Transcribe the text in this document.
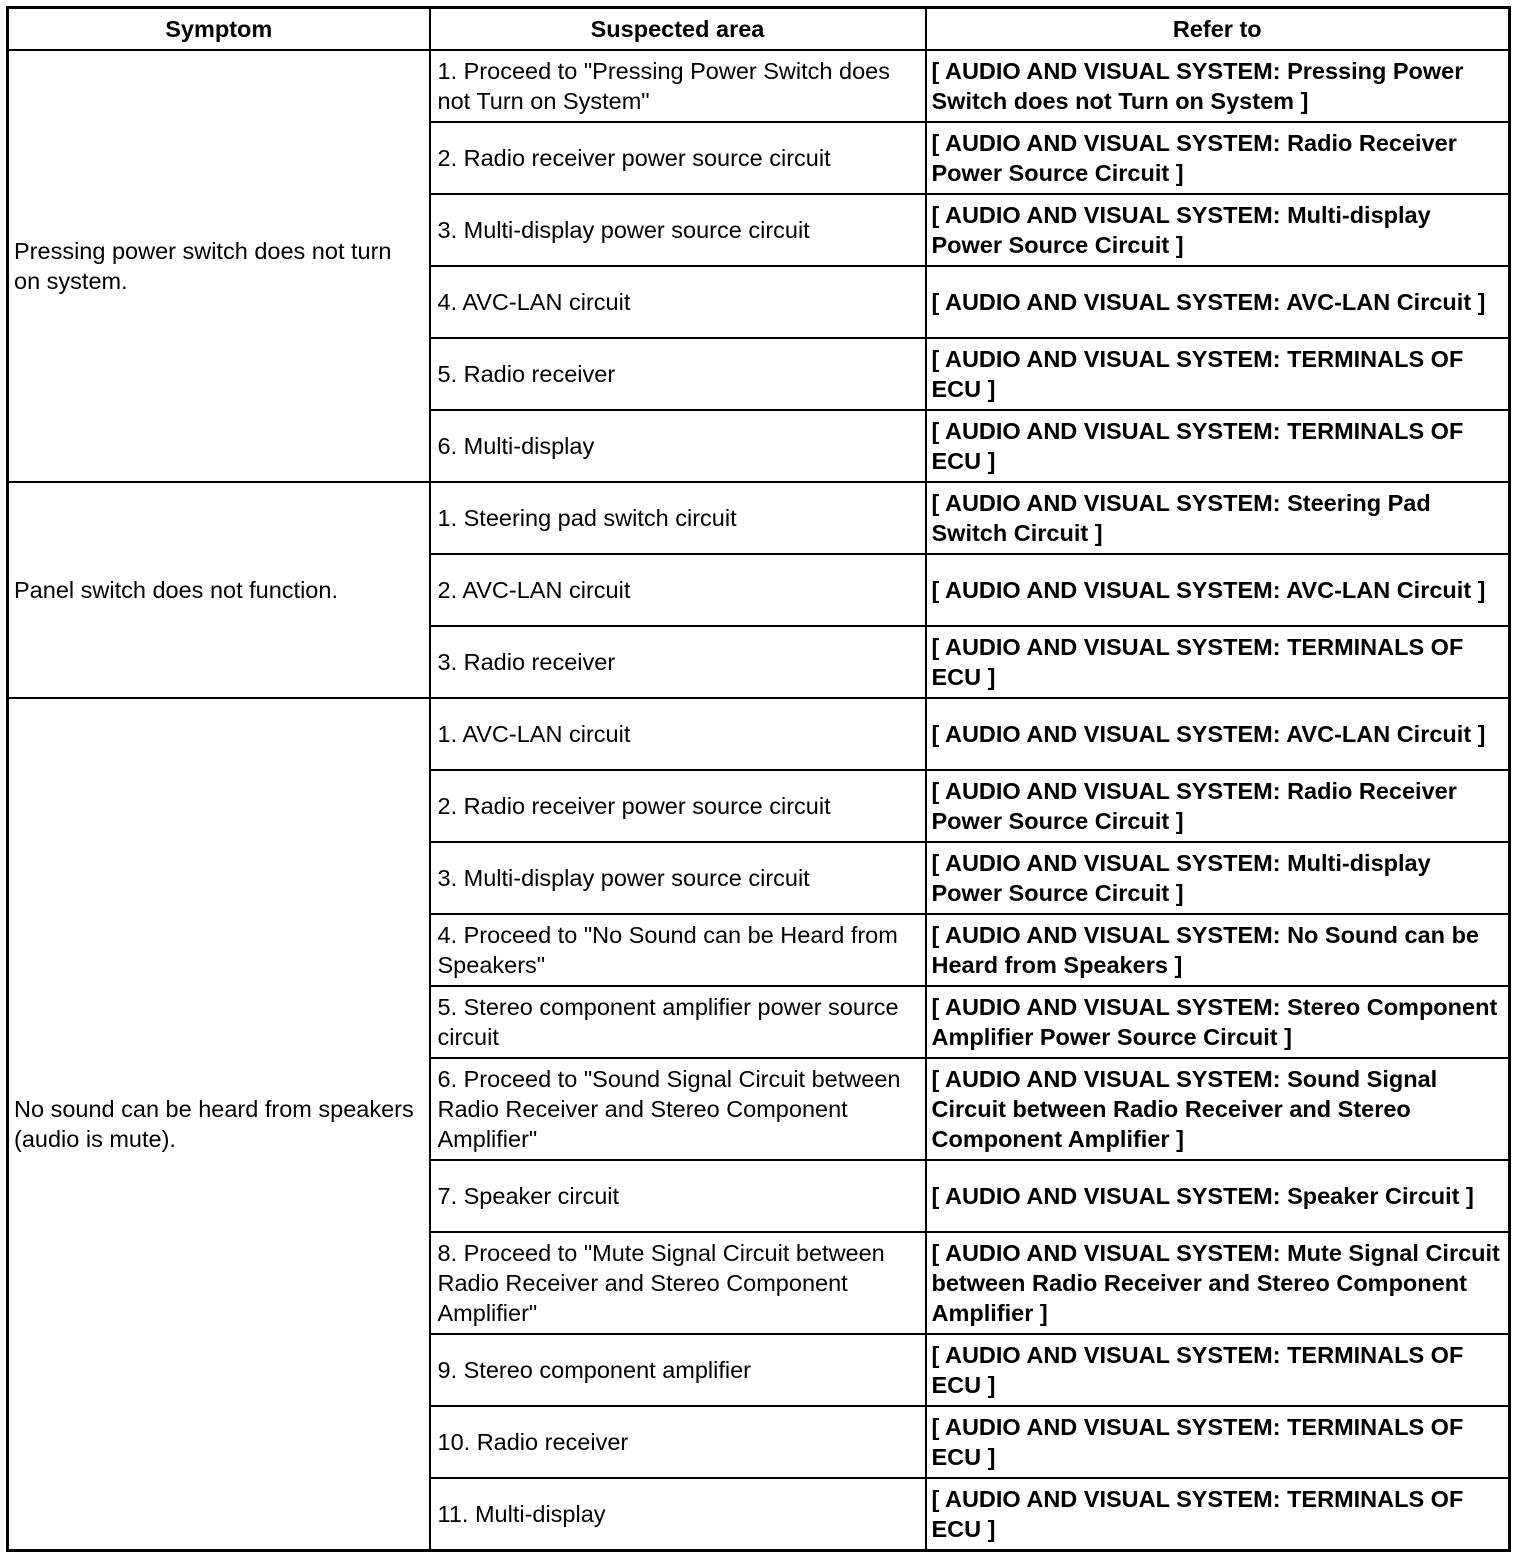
Symptom	Suspected area	Refer to
Pressing power switch does not turn on system.	1. Proceed to "Pressing Power Switch does not Turn on System"	[ AUDIO AND VISUAL SYSTEM: Pressing Power Switch does not Turn on System ]
	2. Radio receiver power source circuit	[ AUDIO AND VISUAL SYSTEM: Radio Receiver Power Source Circuit ]
	3. Multi-display power source circuit	[ AUDIO AND VISUAL SYSTEM: Multi-display Power Source Circuit ]
	4. AVC-LAN circuit	[ AUDIO AND VISUAL SYSTEM: AVC-LAN Circuit ]
	5. Radio receiver	[ AUDIO AND VISUAL SYSTEM: TERMINALS OF ECU ]
	6. Multi-display	[ AUDIO AND VISUAL SYSTEM: TERMINALS OF ECU ]
Panel switch does not function.	1. Steering pad switch circuit	[ AUDIO AND VISUAL SYSTEM: Steering Pad Switch Circuit ]
	2. AVC-LAN circuit	[ AUDIO AND VISUAL SYSTEM: AVC-LAN Circuit ]
	3. Radio receiver	[ AUDIO AND VISUAL SYSTEM: TERMINALS OF ECU ]
No sound can be heard from speakers (audio is mute).	1. AVC-LAN circuit	[ AUDIO AND VISUAL SYSTEM: AVC-LAN Circuit ]
	2. Radio receiver power source circuit	[ AUDIO AND VISUAL SYSTEM: Radio Receiver Power Source Circuit ]
	3. Multi-display power source circuit	[ AUDIO AND VISUAL SYSTEM: Multi-display Power Source Circuit ]
	4. Proceed to "No Sound can be Heard from Speakers"	[ AUDIO AND VISUAL SYSTEM: No Sound can be Heard from Speakers ]
	5. Stereo component amplifier power source circuit	[ AUDIO AND VISUAL SYSTEM: Stereo Component Amplifier Power Source Circuit ]
	6. Proceed to "Sound Signal Circuit between Radio Receiver and Stereo Component Amplifier"	[ AUDIO AND VISUAL SYSTEM: Sound Signal Circuit between Radio Receiver and Stereo Component Amplifier ]
	7. Speaker circuit	[ AUDIO AND VISUAL SYSTEM: Speaker Circuit ]
	8. Proceed to "Mute Signal Circuit between Radio Receiver and Stereo Component Amplifier"	[ AUDIO AND VISUAL SYSTEM: Mute Signal Circuit between Radio Receiver and Stereo Component Amplifier ]
	9. Stereo component amplifier	[ AUDIO AND VISUAL SYSTEM: TERMINALS OF ECU ]
	10. Radio receiver	[ AUDIO AND VISUAL SYSTEM: TERMINALS OF ECU ]
	11. Multi-display	[ AUDIO AND VISUAL SYSTEM: TERMINALS OF ECU ]
